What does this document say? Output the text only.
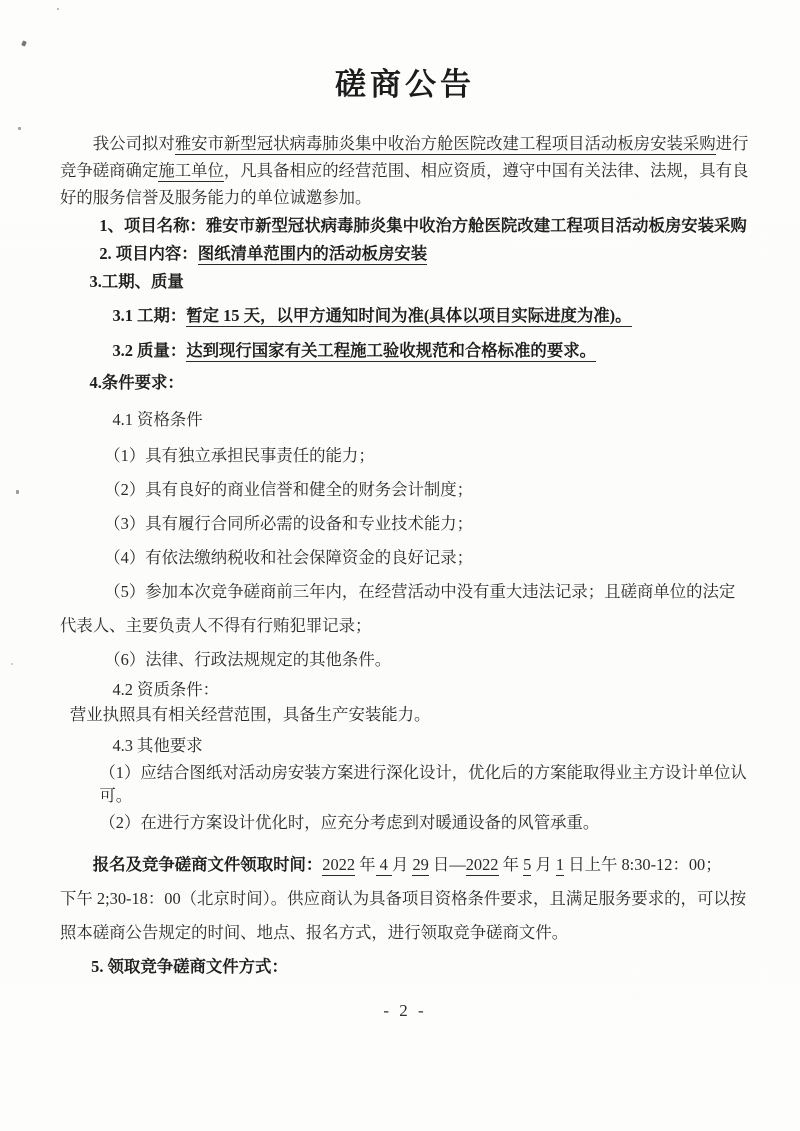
磋商公告

我公司拟对雅安市新型冠状病毒肺炎集中收治方舱医院改建工程项目活动板房安装采购进行竞争磋商确定施工单位，凡具备相应的经营范围、相应资质，遵守中国有关法律、法规，具有良好的服务信誉及服务能力的单位诚邀参加。

1、项目名称：雅安市新型冠状病毒肺炎集中收治方舱医院改建工程项目活动板房安装采购

2. 项目内容：图纸清单范围内的活动板房安装

3.工期、质量

3.1 工期：暂定 15 天，以甲方通知时间为准(具体以项目实际进度为准)。

3.2 质量：达到现行国家有关工程施工验收规范和合格标准的要求。

4.条件要求：

4.1 资格条件

（1）具有独立承担民事责任的能力；
（2）具有良好的商业信誉和健全的财务会计制度；
（3）具有履行合同所必需的设备和专业技术能力；
（4）有依法缴纳税收和社会保障资金的良好记录；
（5）参加本次竞争磋商前三年内，在经营活动中没有重大违法记录；且磋商单位的法定代表人、主要负责人不得有行贿犯罪记录；
（6）法律、行政法规规定的其他条件。

4.2 资质条件：

营业执照具有相关经营范围，具备生产安装能力。

4.3 其他要求

（1）应结合图纸对活动房安装方案进行深化设计，优化后的方案能取得业主方设计单位认可。
（2）在进行方案设计优化时，应充分考虑到对暖通设备的风管承重。

报名及竞争磋商文件领取时间：2022 年 4 月 29 日—2022 年 5 月 1 日上午 8:30-12：00；
下午 2;30-18：00（北京时间）。供应商认为具备项目资格条件要求，且满足服务要求的，可以按照本磋商公告规定的时间、地点、报名方式，进行领取竞争磋商文件。

5. 领取竞争磋商文件方式：

- 2 -
